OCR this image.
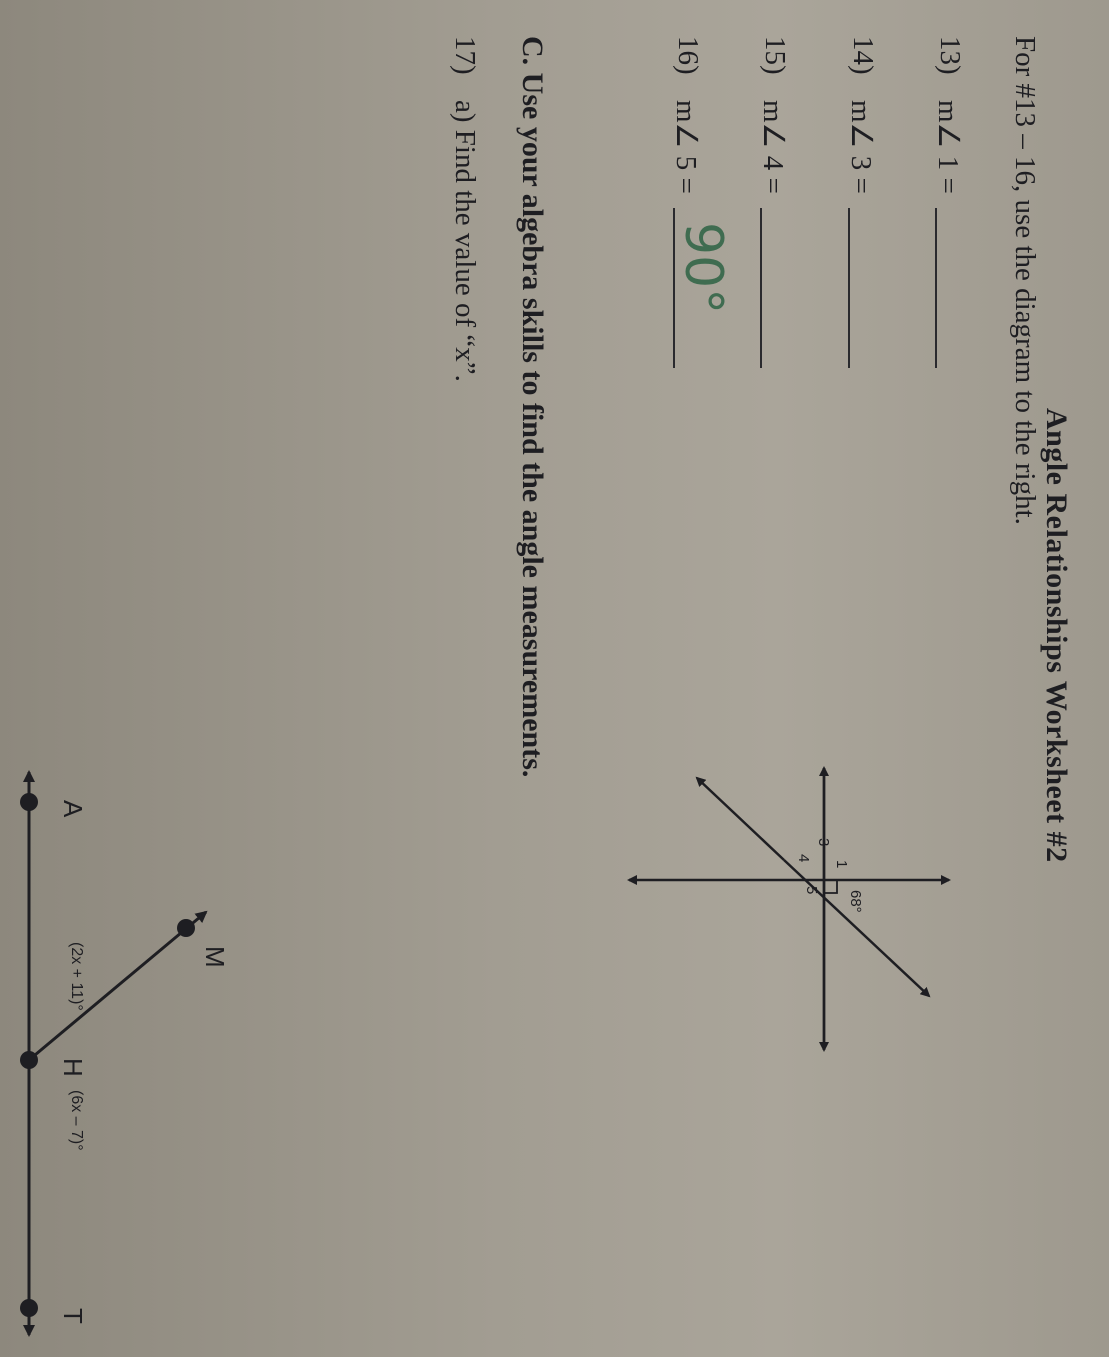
Angle Relationships Worksheet #2
For #13 – 16, use the diagram to the right.
13)
m∠ 1 =
14)
m∠ 3 =
15)
m∠ 4 =
16)
m∠ 5 =
90°
C. Use your algebra skills to find the angle measurements.
17)
a) Find the value of “x”.
1
68°
3
4
5
A
M
H
T
(2x + 11)°
(6x – 7)°
